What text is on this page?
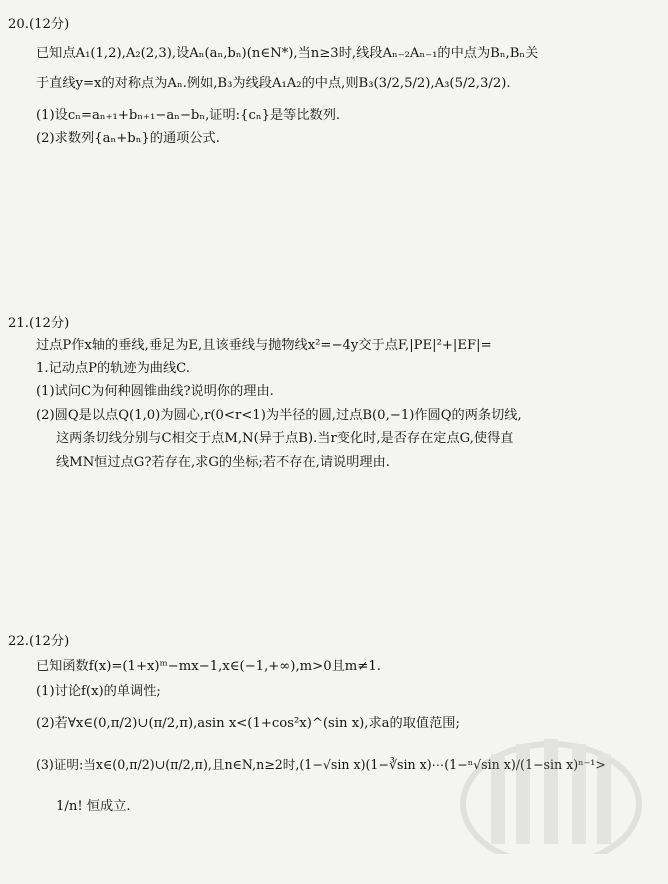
20.(12分)
已知点A₁(1,2),A₂(2,3),设Aₙ(aₙ,bₙ)(n∈N*),当n≥3时,线段Aₙ₋₂Aₙ₋₁的中点为Bₙ,Bₙ关
于直线y=x的对称点为Aₙ.例如,B₃为线段A₁A₂的中点,则B₃(3/2,5/2),A₃(5/2,3/2).
(1)设cₙ=aₙ₊₁+bₙ₊₁−aₙ−bₙ,证明:{cₙ}是等比数列.
(2)求数列{aₙ+bₙ}的通项公式.
21.(12分)
过点P作x轴的垂线,垂足为E,且该垂线与抛物线x²=−4y交于点F,|PE|²+|EF|=
1.记动点P的轨迹为曲线C.
(1)试问C为何种圆锥曲线?说明你的理由.
(2)圆Q是以点Q(1,0)为圆心,r(0<r<1)为半径的圆,过点B(0,−1)作圆Q的两条切线,
这两条切线分别与C相交于点M,N(异于点B).当r变化时,是否存在定点G,使得直
线MN恒过点G?若存在,求G的坐标;若不存在,请说明理由.
22.(12分)
已知函数f(x)=(1+x)ᵐ−mx−1,x∈(−1,+∞),m>0且m≠1.
(1)讨论f(x)的单调性;
(2)若∀x∈(0,π/2)∪(π/2,π),asin x<(1+cos²x)^(sin x),求a的取值范围;
(3)证明:当x∈(0,π/2)∪(π/2,π),且n∈N,n≥2时,(1−√sin x)(1−∛sin x)⋯(1−ⁿ√sin x)/(1−sin x)ⁿ⁻¹>
1/n! 恒成立.
